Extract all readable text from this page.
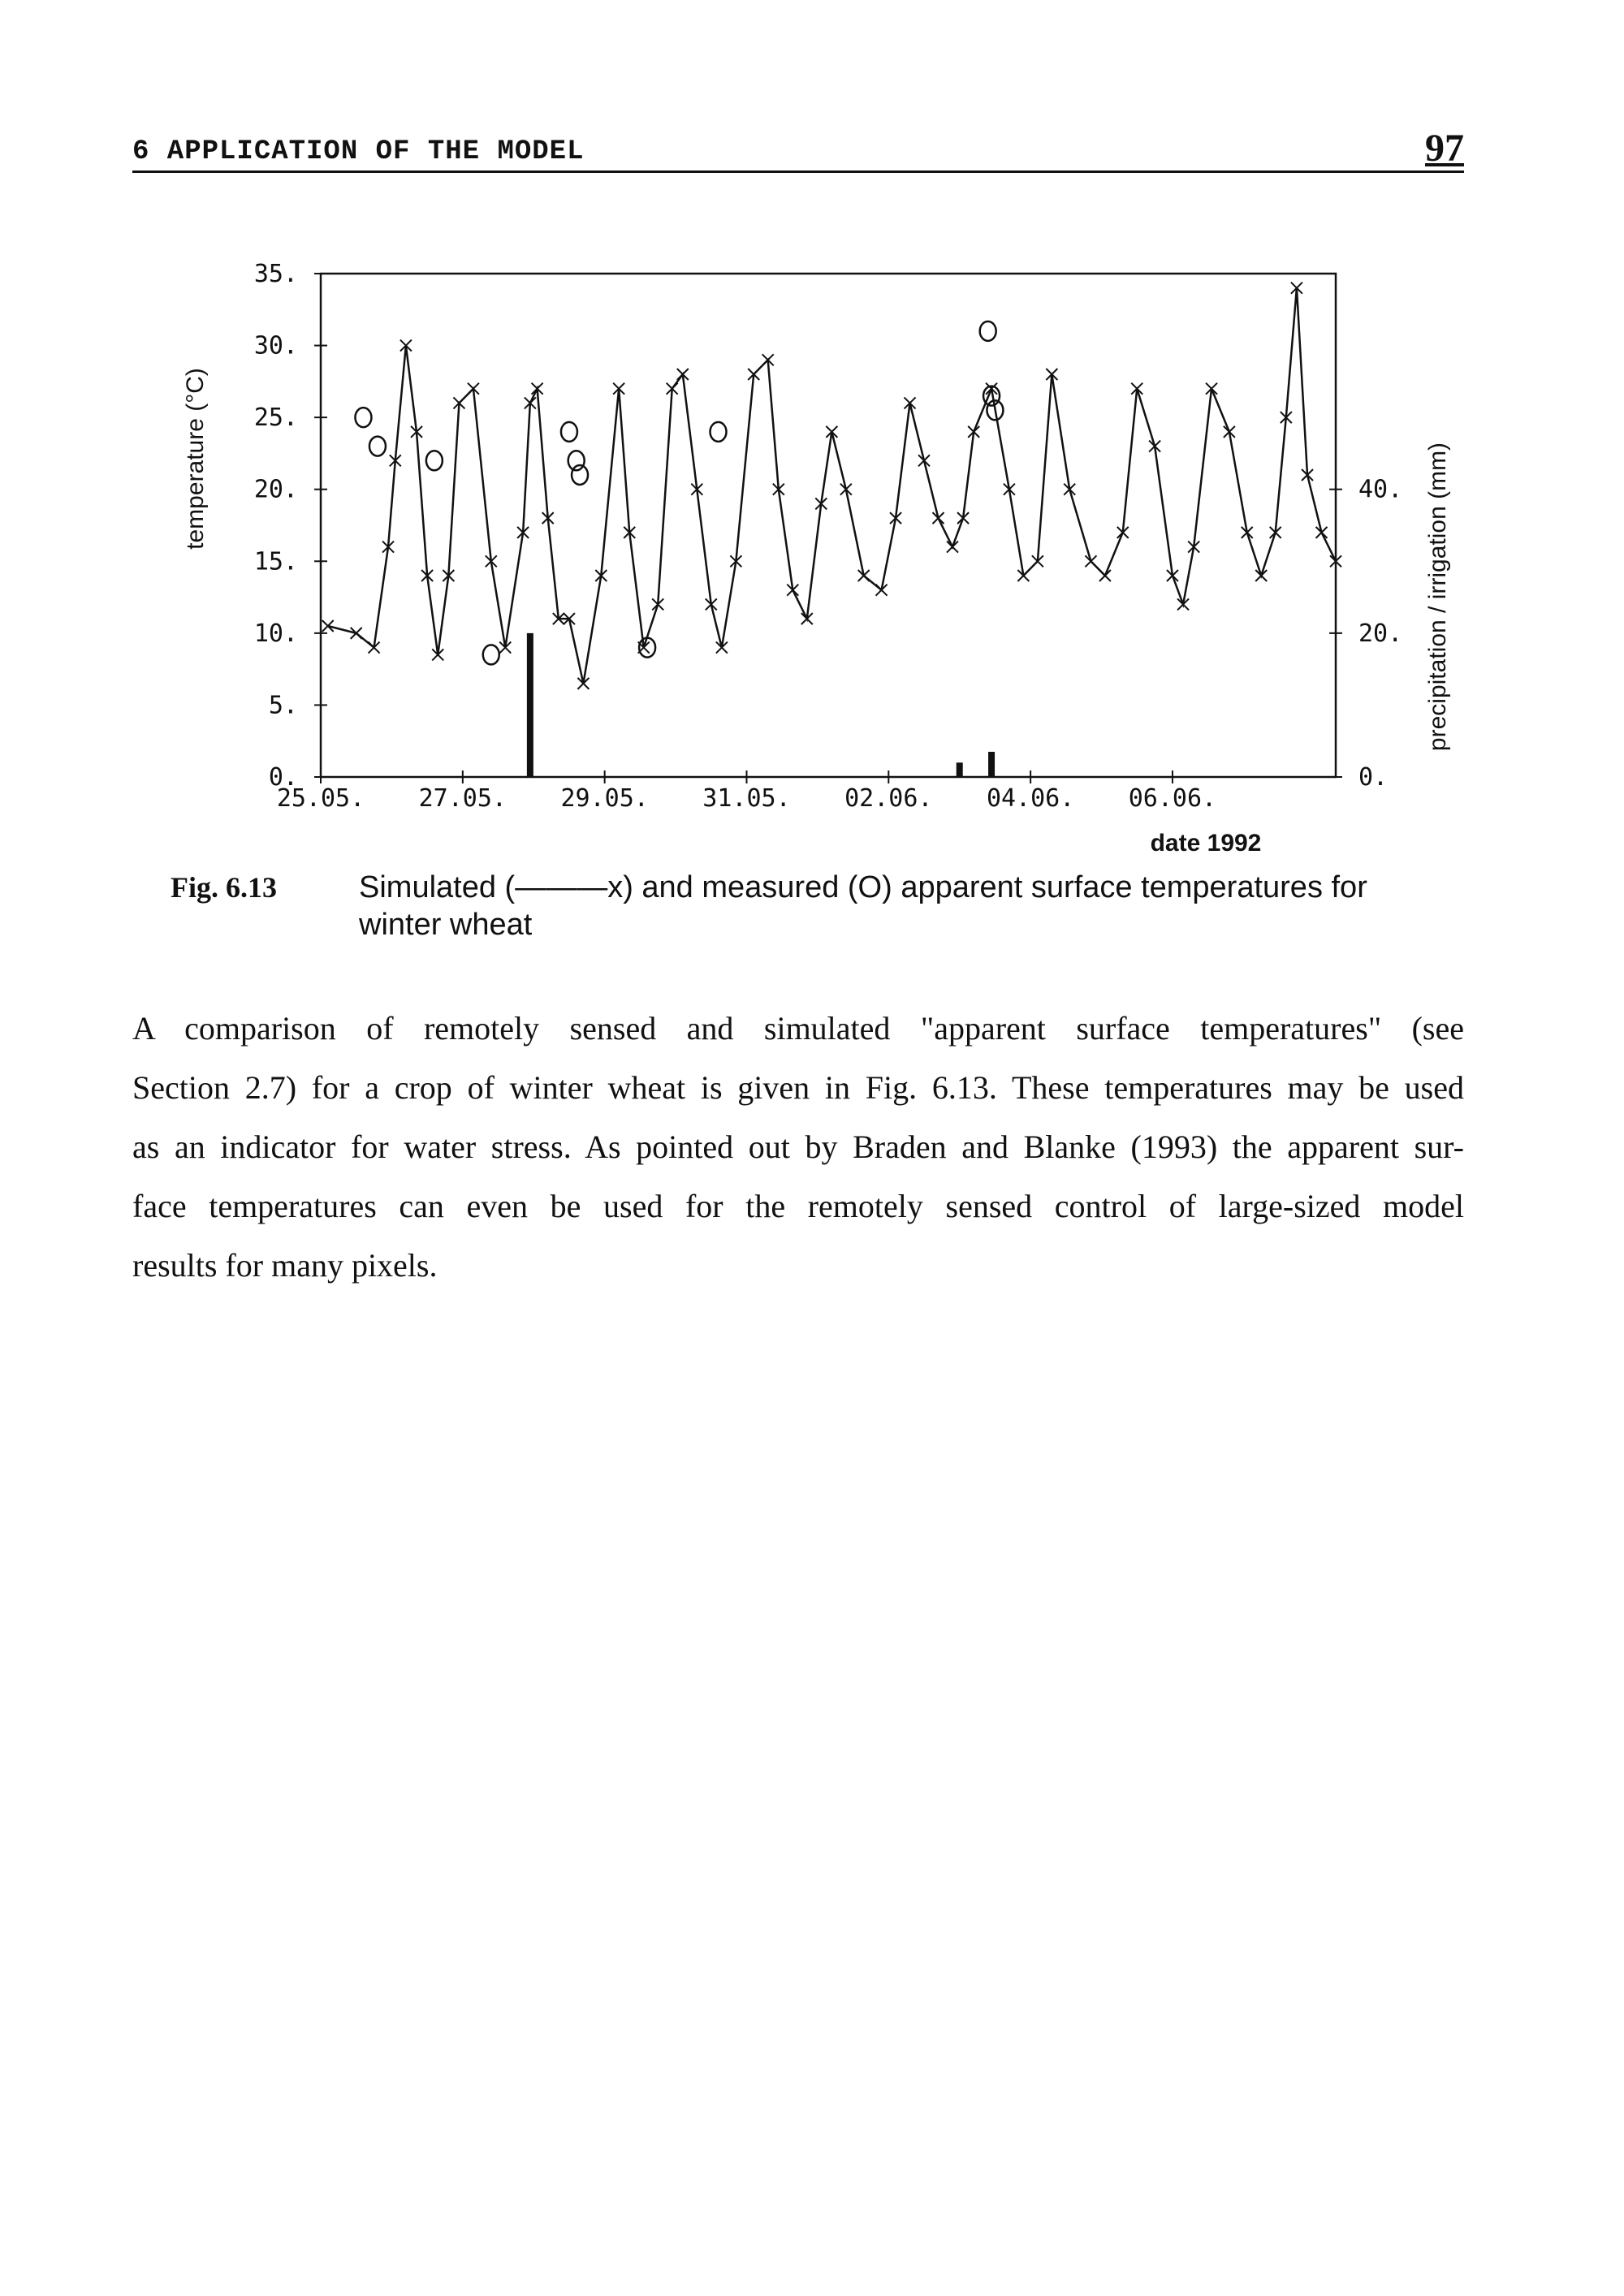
6 APPLICATION OF THE MODEL	97
0.
5.
10.
15.
20.
25.
30.
35.
0.
20.
40.
25.05. 27.05. 29.05. 31.05. 02.06. 04.06. 06.06.
temperature (°C)	precipitation / irrigation (mm)
date 1992
Fig. 6.13	Simulated (———x) and measured (O) apparent surface temperatures for
winter wheat
A comparison of remotely sensed and simulated "apparent surface temperatures" (see
Section 2.7) for a crop of winter wheat is given in Fig. 6.13. These temperatures may be used
as an indicator for water stress. As pointed out by Braden and Blanke (1993) the apparent sur-
face temperatures can even be used for the remotely sensed control of large-sized model
results for many pixels.
